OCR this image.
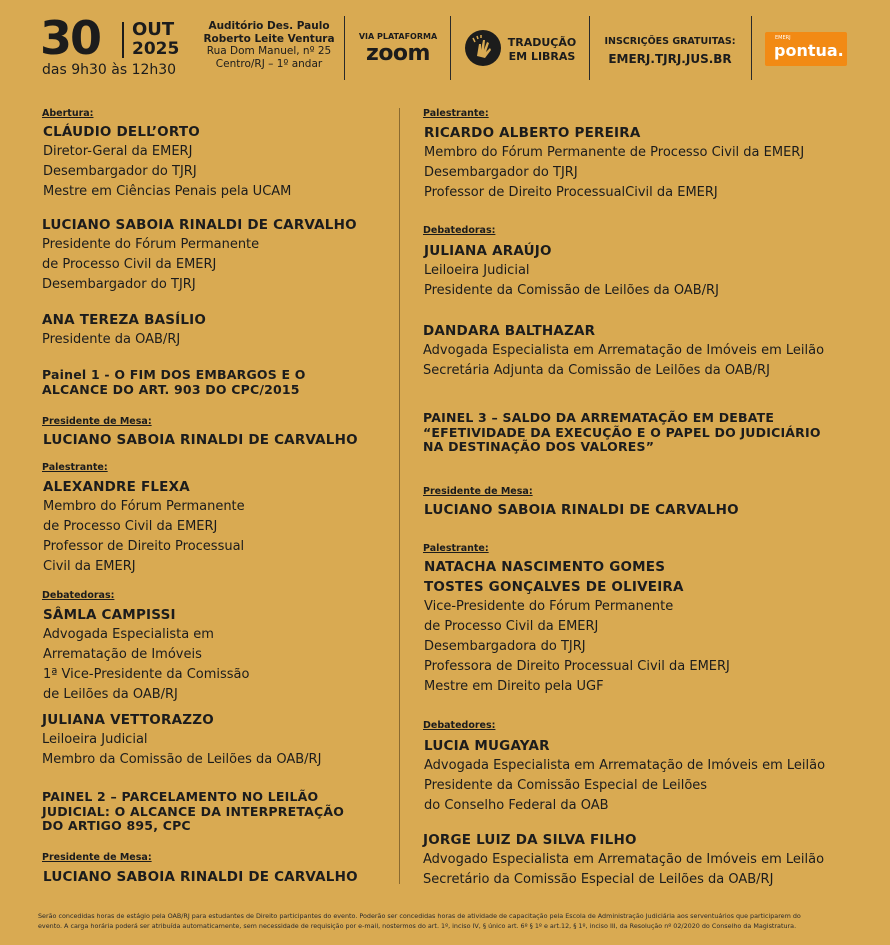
30 OUT
2025
das 9h30 às 12h30
Auditório Des. Paulo
Roberto Leite Ventura
Rua Dom Manuel, nº 25
Centro/RJ – 1º andar
VIA PLATAFORMA
zoom	TRADUÇÃO
EM LIBRAS
INSCRIÇÕES GRATUITAS:
EMERJ.TJRJ.JUS.BR
EMERJ
pontua.
Abertura:
CLÁUDIO DELL’ORTO
Diretor-Geral da EMERJ
Desembargador do TJRJ
Mestre em Ciências Penais pela UCAM
LUCIANO SABOIA RINALDI DE CARVALHO
Presidente do Fórum Permanente
de Processo Civil da EMERJ
Desembargador do TJRJ
ANA TEREZA BASÍLIO
Presidente da OAB/RJ
Painel 1 - O FIM DOS EMBARGOS E O
ALCANCE DO ART. 903 DO CPC/2015
Presidente de Mesa:
LUCIANO SABOIA RINALDI DE CARVALHO
Palestrante:
ALEXANDRE FLEXA
Membro do Fórum Permanente
de Processo Civil da EMERJ
Professor de Direito Processual
Civil da EMERJ
Debatedoras:
SÂMLA CAMPISSI
Advogada Especialista em
Arrematação de Imóveis
1ª Vice-Presidente da Comissão
de Leilões da OAB/RJ
JULIANA VETTORAZZO
Leiloeira Judicial
Membro da Comissão de Leilões da OAB/RJ
PAINEL 2 – PARCELAMENTO NO LEILÃO
JUDICIAL: O ALCANCE DA INTERPRETAÇÃO
DO ARTIGO 895, CPC
Presidente de Mesa:
LUCIANO SABOIA RINALDI DE CARVALHO
Palestrante:
RICARDO ALBERTO PEREIRA
Membro do Fórum Permanente de Processo Civil da EMERJ
Desembargador do TJRJ
Professor de Direito ProcessualCivil da EMERJ
Debatedoras:
JULIANA ARAÚJO
Leiloeira Judicial
Presidente da Comissão de Leilões da OAB/RJ
DANDARA BALTHAZAR
Advogada Especialista em Arrematação de Imóveis em Leilão
Secretária Adjunta da Comissão de Leilões da OAB/RJ
PAINEL 3 – SALDO DA ARREMATAÇÃO EM DEBATE
“EFETIVIDADE DA EXECUÇÃO E O PAPEL DO JUDICIÁRIO
NA DESTINAÇÃO DOS VALORES”
Presidente de Mesa:
LUCIANO SABOIA RINALDI DE CARVALHO
Palestrante:
NATACHA NASCIMENTO GOMES
TOSTES GONÇALVES DE OLIVEIRA
Vice-Presidente do Fórum Permanente
de Processo Civil da EMERJ
Desembargadora do TJRJ
Professora de Direito Processual Civil da EMERJ
Mestre em Direito pela UGF
Debatedores:
LUCIA MUGAYAR
Advogada Especialista em Arrematação de Imóveis em Leilão
Presidente da Comissão Especial de Leilões
do Conselho Federal da OAB
JORGE LUIZ DA SILVA FILHO
Advogado Especialista em Arrematação de Imóveis em Leilão
Secretário da Comissão Especial de Leilões da OAB/RJ
Serão concedidas horas de estágio pela OAB/RJ para estudantes de Direito participantes do evento. Poderão ser concedidas horas de atividade de capacitação pela Escola de Administração Judiciária aos serventuários que participarem do
evento. A carga horária poderá ser atribuída automaticamente, sem necessidade de requisição por e-mail, nostermos do art. 1º, inciso IV, § único art. 6º § 1º e art.12, § 1º, inciso III, da Resolução nº 02/2020 do Conselho da Magistratura.
